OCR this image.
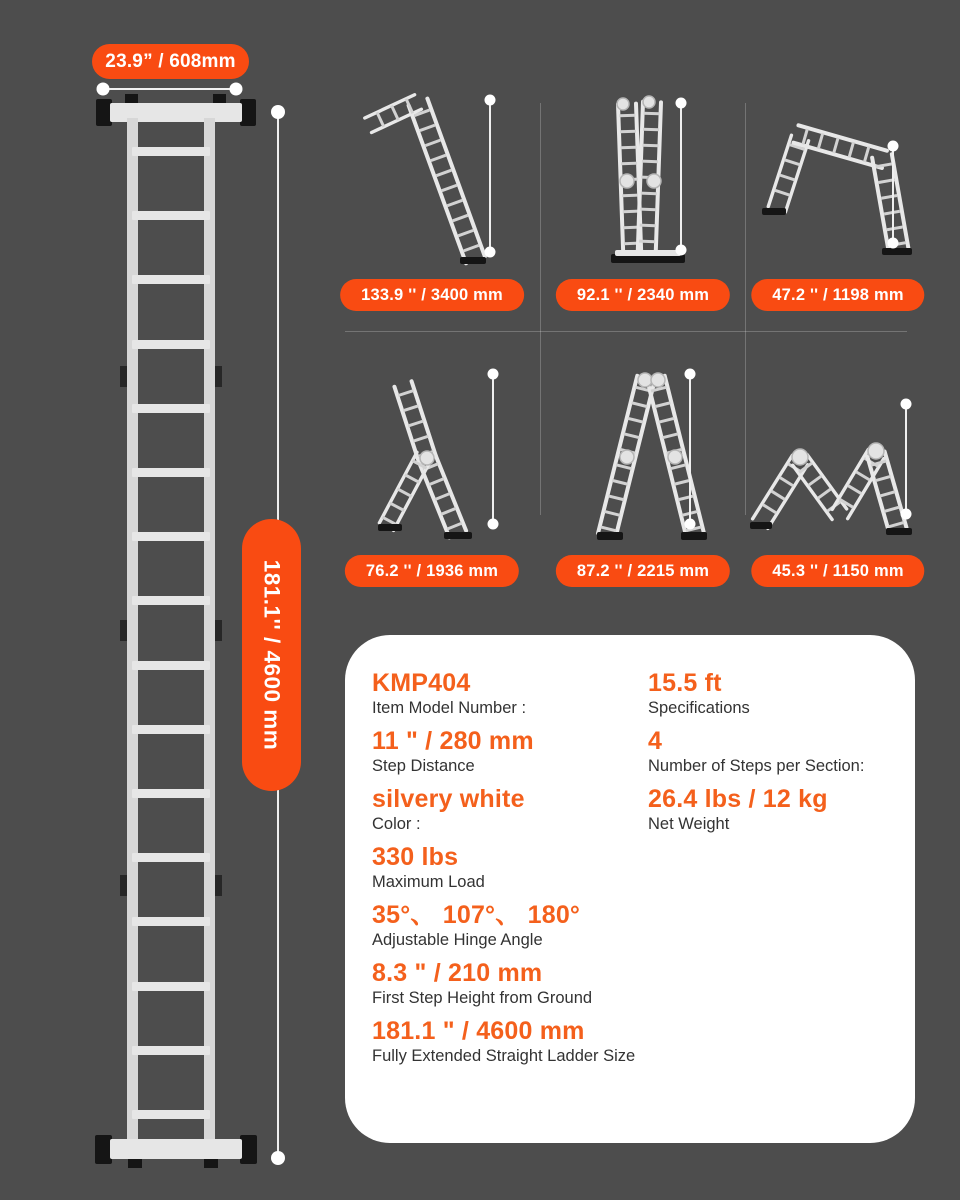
23.9” / 608mm
181.1'' / 4600 mm
133.9 '' / 3400 mm	92.1 '' / 2340 mm	47.2 '' / 1198 mm
76.2 '' / 1936 mm	87.2 '' / 2215 mm	45.3 '' / 1150 mm
KMP404
Item Model Number :
11 " / 280 mm
Step Distance
silvery white
Color :
330 lbs
Maximum Load
35°、 107°、 180°
Adjustable Hinge Angle
8.3 " / 210 mm
First Step Height from Ground
181.1 " / 4600 mm
Fully Extended Straight Ladder Size
15.5 ft
Specifications
4
Number of Steps per Section:
26.4 lbs / 12 kg
Net Weight
